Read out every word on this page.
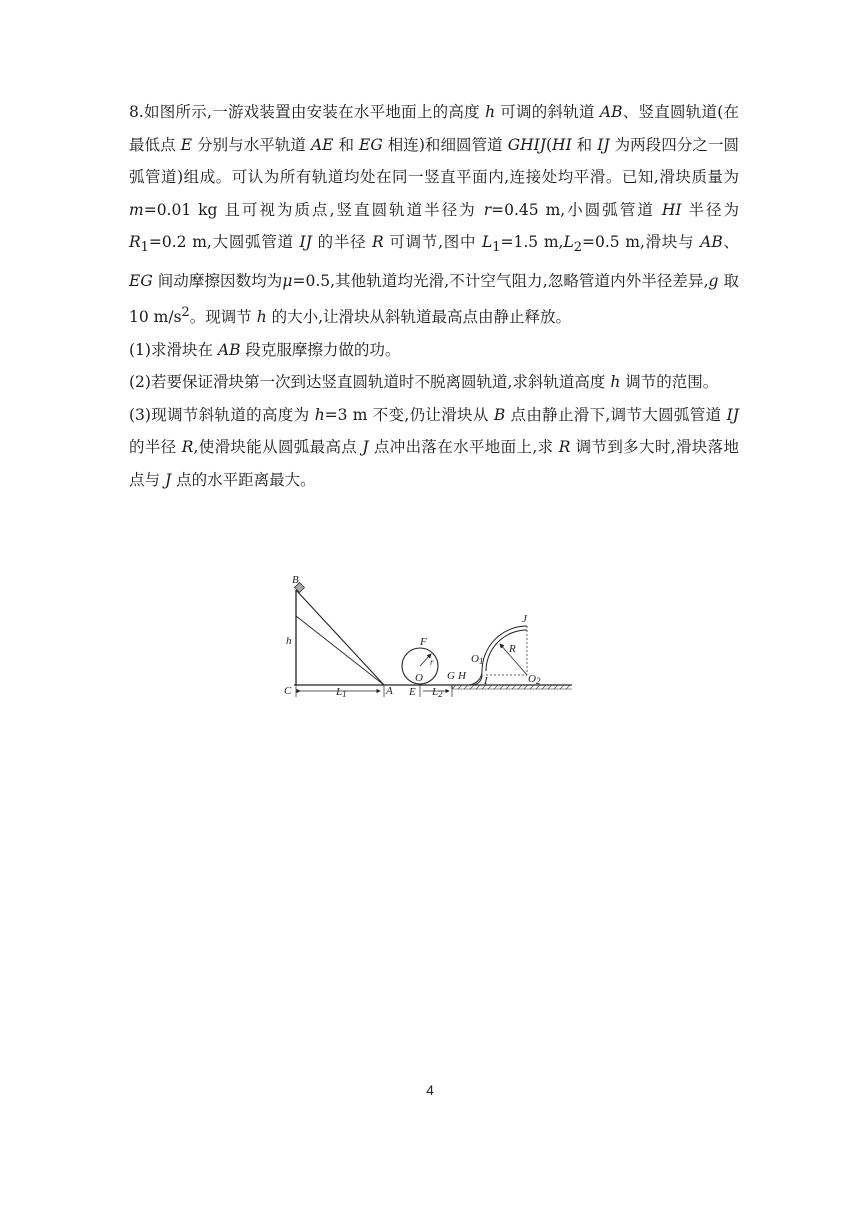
8.如图所示,一游戏装置由安装在水平地面上的高度 h 可调的斜轨道 AB、竖直圆轨道(在最低点 E 分别与水平轨道 AE 和 EG 相连)和细圆管道 GHIJ(HI 和 IJ 为两段四分之一圆弧管道)组成。可认为所有轨道均处在同一竖直平面内,连接处均平滑。已知,滑块质量为 m=0.01 kg 且可视为质点,竖直圆轨道半径为 r=0.45 m,小圆弧管道 HI 半径为 $R_1=0.2$ m,大圆弧管道 IJ 的半径 R 可调节,图中 $L_1=1.5$ $m,L_2=0.5$ m,滑块与 AB、EG 间动摩擦因数均为μ=0.5,其他轨道均光滑,不计空气阻力,忽略管道内外半径差异,g 取 10 $m/s^2$。现调节 h 的大小,让滑块从斜轨道最高点由静止释放。

(1)求滑块在 AB 段克服摩擦力做的功。

(2)若要保证滑块第一次到达竖直圆轨道时不脱离圆轨道,求斜轨道高度 h 调节的范围。

(3)现调节斜轨道的高度为 h=3 m 不变,仍让滑块从 B 点由静止滑下,调节大圆弧管道 IJ 的半径 R,使滑块能从圆弧最高点 J 点冲出落在水平地面上,求 R 调节到多大时,滑块落地点与 J 点的水平距离最大。

B
h
C	L1	A
F
r
O
E L2
G H
O1
I
J
R
O2
4
